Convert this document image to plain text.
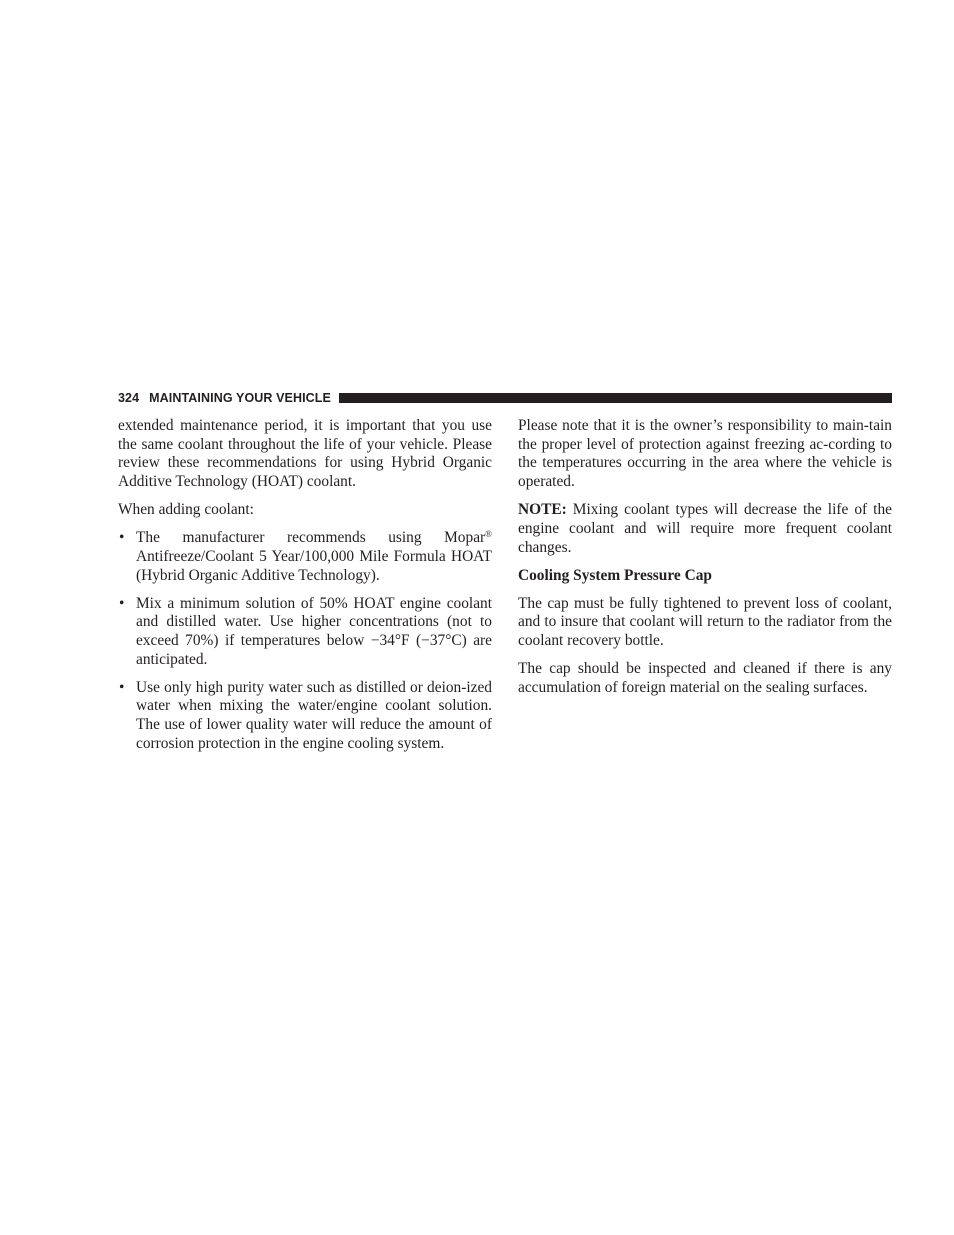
324 MAINTAINING YOUR VEHICLE

extended maintenance period, it is important that you use the same coolant throughout the life of your vehicle. Please review these recommendations for using Hybrid Organic Additive Technology (HOAT) coolant.

When adding coolant:

• The manufacturer recommends using Mopar® Antifreeze/Coolant 5 Year/100,000 Mile Formula HOAT (Hybrid Organic Additive Technology).
• Mix a minimum solution of 50% HOAT engine coolant and distilled water. Use higher concentrations (not to exceed 70%) if temperatures below −34°F (−37°C) are anticipated.
• Use only high purity water such as distilled or deion-ized water when mixing the water/engine coolant solution. The use of lower quality water will reduce the amount of corrosion protection in the engine cooling system.

Please note that it is the owner’s responsibility to main-tain the proper level of protection against freezing ac-cording to the temperatures occurring in the area where the vehicle is operated.

NOTE: Mixing coolant types will decrease the life of the engine coolant and will require more frequent coolant changes.

Cooling System Pressure Cap

The cap must be fully tightened to prevent loss of coolant, and to insure that coolant will return to the radiator from the coolant recovery bottle.

The cap should be inspected and cleaned if there is any accumulation of foreign material on the sealing surfaces.
